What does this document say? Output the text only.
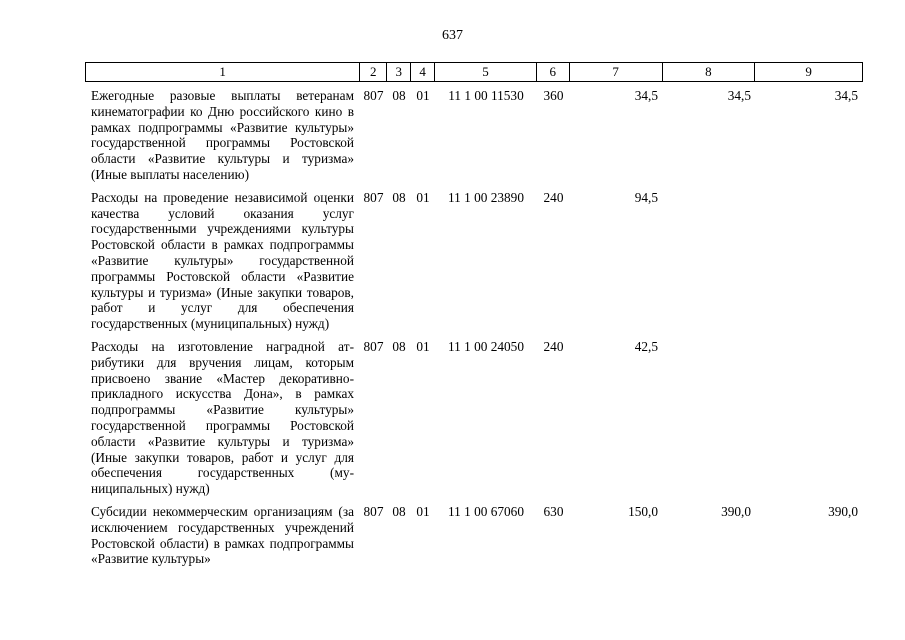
637
1	2	3	4	5	6	7	8	9
Ежегодные разовые выплаты ветеранам кинематографии ко Дню российского кино в рамках подпрограммы «Развитие культуры» государственной программы Ростовской области «Развитие культуры и туризма» (Иные выплаты населению)
807 08 01	11 1 00 11530	360	34,5	34,5	34,5
Расходы на проведение независимой оценки качества условий оказания услуг государственными учреждениями культуры Ростовской области в рамках подпрограммы «Развитие культуры» государственной программы Ростовской области «Развитие культуры и туризма» (Иные закупки товаров, работ и услуг для обеспечения государственных (муниципальных) нужд)
807 08 01	11 1 00 23890	240	94,5
Расходы на изготовление наградной атрибутики для вручения лицам, которым присвоено звание «Мастер декоративно-прикладного искусства Дона», в рамках подпрограммы «Развитие культуры» государственной программы Ростовской области «Развитие культуры и туризма» (Иные закупки товаров, работ и услуг для обеспечения государственных (муниципальных) нужд)
807 08 01	11 1 00 24050	240	42,5
Субсидии некоммерческим организациям (за исключением государственных учреждений Ростовской области) в рамках подпрограммы «Развитие культуры»
807 08 01	11 1 00 67060	630	150,0	390,0	390,0
